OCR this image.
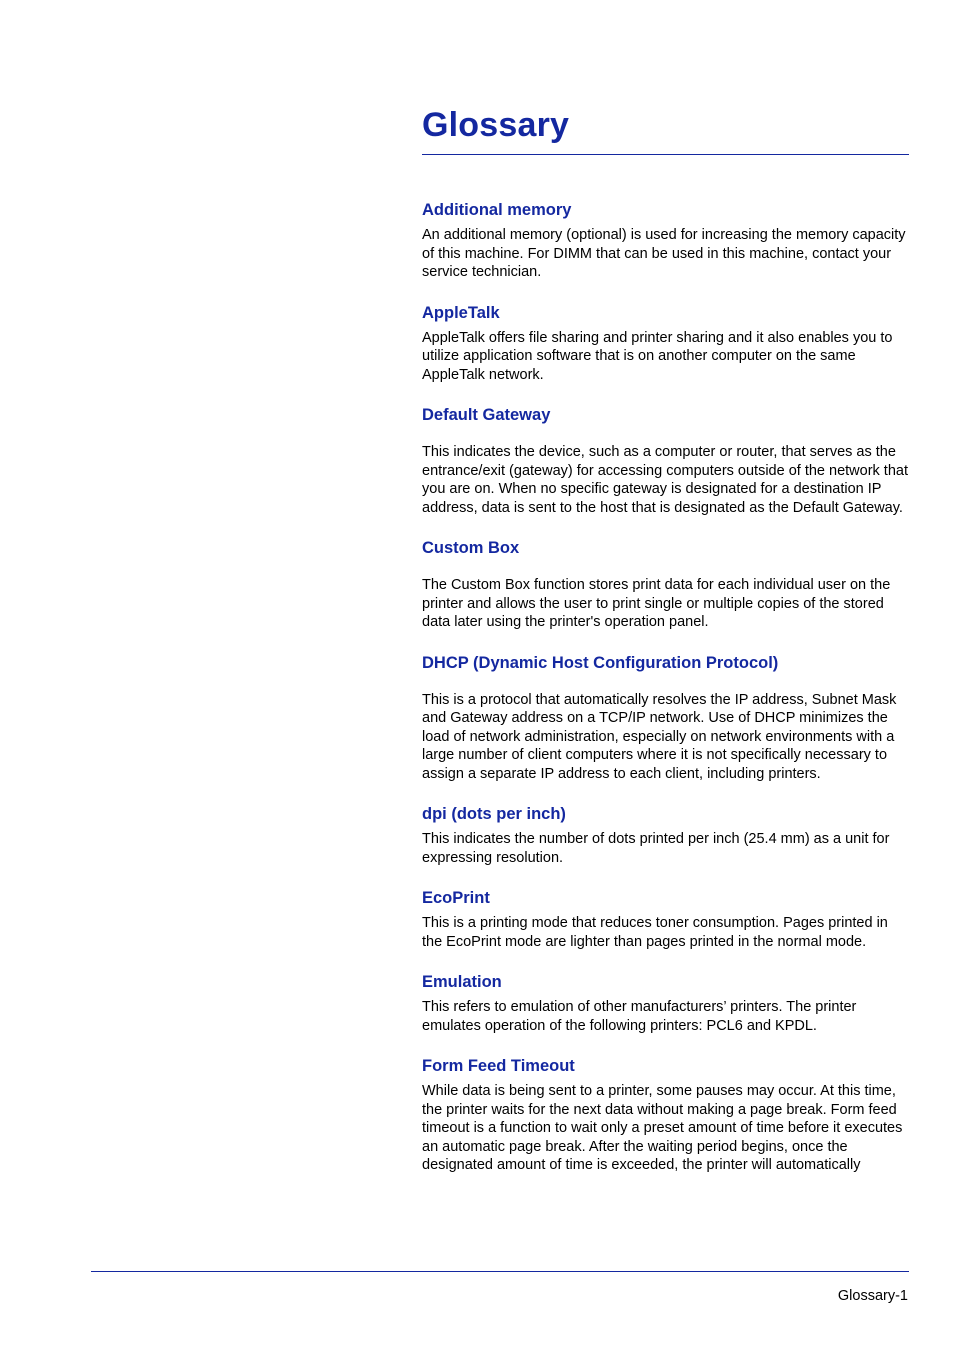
Glossary
Additional memory

An additional memory (optional) is used for increasing the memory capacity of this machine. For DIMM that can be used in this machine, contact your service technician.

AppleTalk

AppleTalk offers file sharing and printer sharing and it also enables you to utilize application software that is on another computer on the same AppleTalk network.

Default Gateway

This indicates the device, such as a computer or router, that serves as the entrance/exit (gateway) for accessing computers outside of the network that you are on. When no specific gateway is designated for a destination IP address, data is sent to the host that is designated as the Default Gateway.

Custom Box

The Custom Box function stores print data for each individual user on the printer and allows the user to print single or multiple copies of the stored data later using the printer's operation panel.

DHCP (Dynamic Host Configuration Protocol)

This is a protocol that automatically resolves the IP address, Subnet Mask and Gateway address on a TCP/IP network. Use of DHCP minimizes the load of network administration, especially on network environments with a large number of client computers where it is not specifically necessary to assign a separate IP address to each client, including printers.

dpi (dots per inch)

This indicates the number of dots printed per inch (25.4 mm) as a unit for expressing resolution.

EcoPrint

This is a printing mode that reduces toner consumption. Pages printed in the EcoPrint mode are lighter than pages printed in the normal mode.

Emulation

This refers to emulation of other manufacturers’ printers. The printer emulates operation of the following printers: PCL6 and KPDL.

Form Feed Timeout

While data is being sent to a printer, some pauses may occur. At this time, the printer waits for the next data without making a page break. Form feed timeout is a function to wait only a preset amount of time before it executes an automatic page break. After the waiting period begins, once the designated amount of time is exceeded, the printer will automatically

Glossary-1
